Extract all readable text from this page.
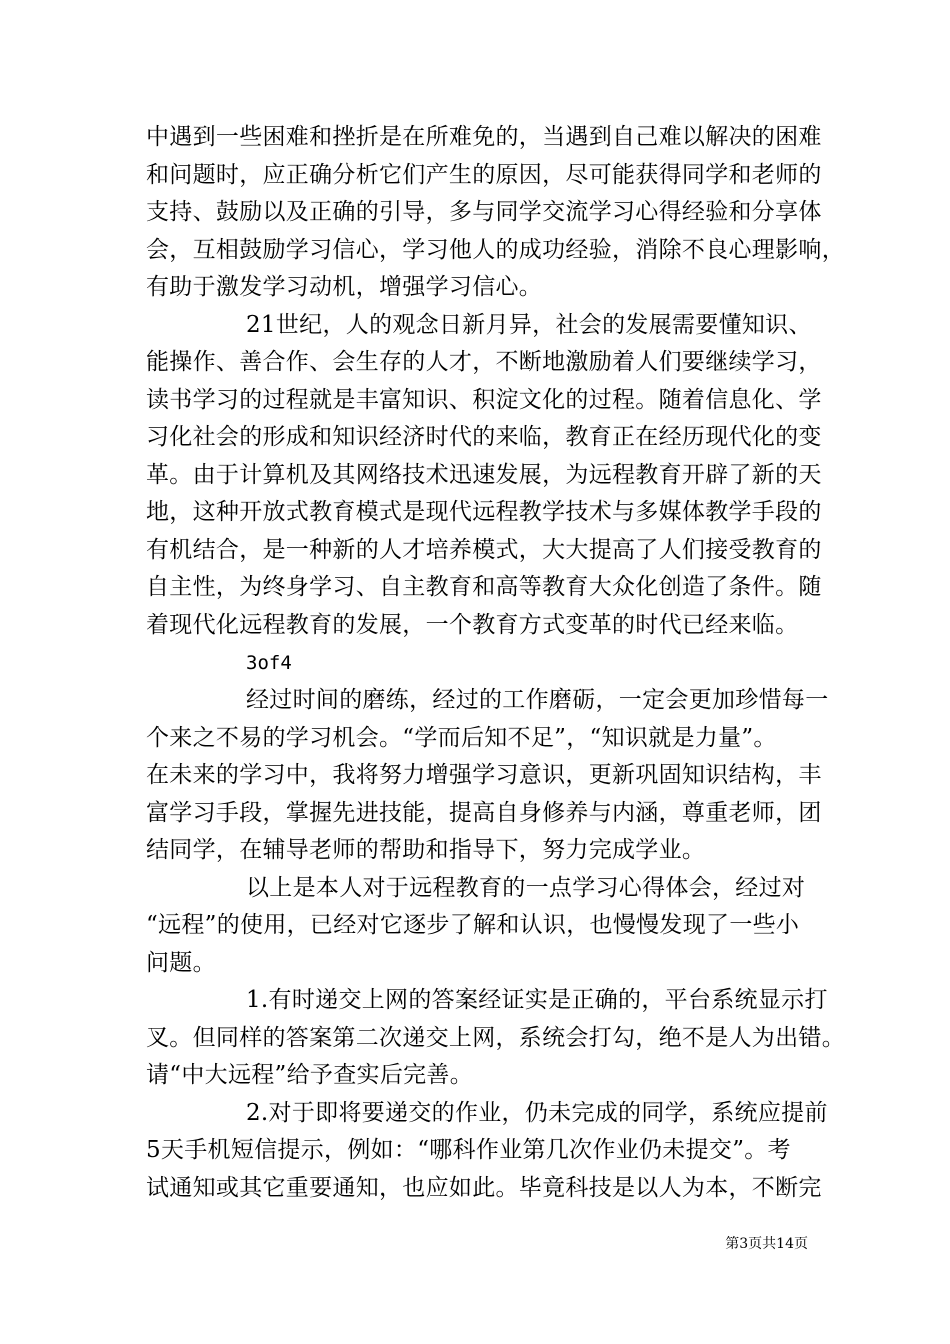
中遇到一些困难和挫折是在所难免的，当遇到自己难以解决的困难
和问题时，应正确分析它们产生的原因，尽可能获得同学和老师的
支持、鼓励以及正确的引导，多与同学交流学习心得经验和分享体
会，互相鼓励学习信心，学习他人的成功经验，消除不良心理影响，
有助于激发学习动机，增强学习信心。
21世纪，人的观念日新月异，社会的发展需要懂知识、
能操作、善合作、会生存的人才，不断地激励着人们要继续学习，
读书学习的过程就是丰富知识、积淀文化的过程。随着信息化、学
习化社会的形成和知识经济时代的来临，教育正在经历现代化的变
革。由于计算机及其网络技术迅速发展，为远程教育开辟了新的天
地，这种开放式教育模式是现代远程教学技术与多媒体教学手段的
有机结合，是一种新的人才培养模式，大大提高了人们接受教育的
自主性，为终身学习、自主教育和高等教育大众化创造了条件。随
着现代化远程教育的发展，一个教育方式变革的时代已经来临。
3of4
经过时间的磨练，经过的工作磨砺，一定会更加珍惜每一
个来之不易的学习机会。“学而后知不足”，“知识就是力量”。
在未来的学习中，我将努力增强学习意识，更新巩固知识结构，丰
富学习手段，掌握先进技能，提高自身修养与内涵，尊重老师，团
结同学，在辅导老师的帮助和指导下，努力完成学业。
以上是本人对于远程教育的一点学习心得体会，经过对
“远程”的使用，已经对它逐步了解和认识，也慢慢发现了一些小
问题。
1.有时递交上网的答案经证实是正确的，平台系统显示打
叉。但同样的答案第二次递交上网，系统会打勾，绝不是人为出错。
请“中大远程”给予查实后完善。
2.对于即将要递交的作业，仍未完成的同学，系统应提前
5天手机短信提示，例如：“哪科作业第几次作业仍未提交”。考
试通知或其它重要通知，也应如此。毕竟科技是以人为本，不断完
第3页共14页
